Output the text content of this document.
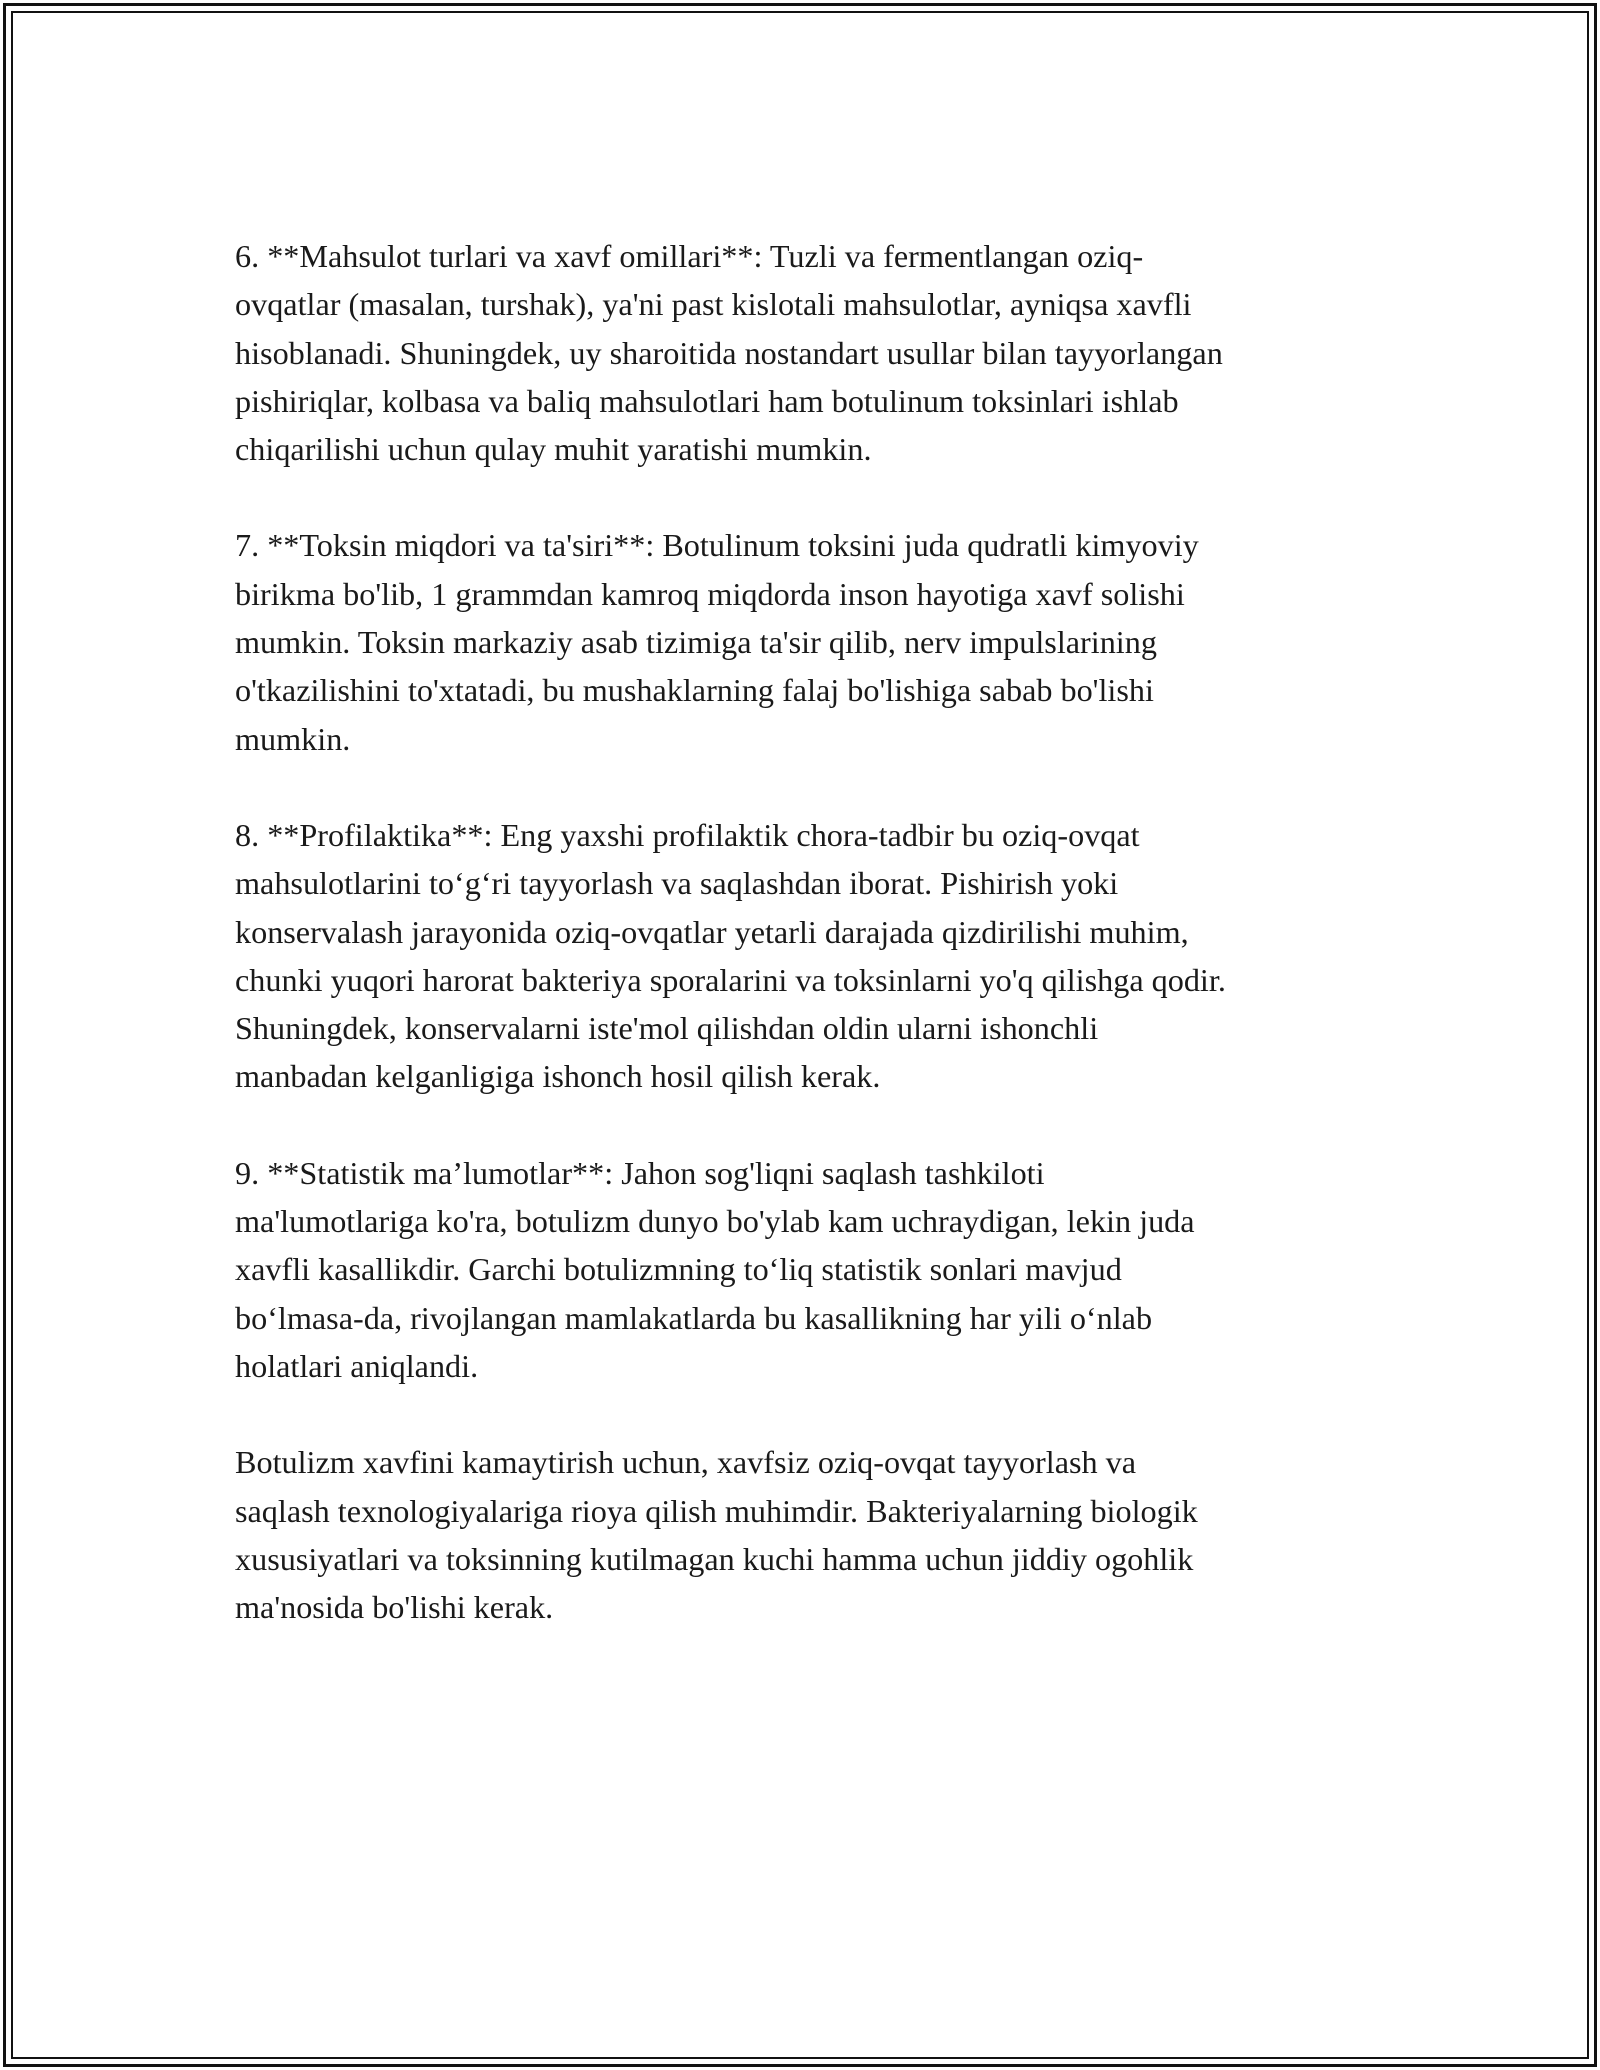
6. **Mahsulot turlari va xavf omillari**: Tuzli va fermentlangan oziq-
ovqatlar (masalan, turshak), ya'ni past kislotali mahsulotlar, ayniqsa xavfli
hisoblanadi. Shuningdek, uy sharoitida nostandart usullar bilan tayyorlangan
pishiriqlar, kolbasa va baliq mahsulotlari ham botulinum toksinlari ishlab
chiqarilishi uchun qulay muhit yaratishi mumkin.

7. **Toksin miqdori va ta'siri**: Botulinum toksini juda qudratli kimyoviy
birikma bo'lib, 1 grammdan kamroq miqdorda inson hayotiga xavf solishi
mumkin. Toksin markaziy asab tizimiga ta'sir qilib, nerv impulslarining
o'tkazilishini to'xtatadi, bu mushaklarning falaj bo'lishiga sabab bo'lishi
mumkin.

8. **Profilaktika**: Eng yaxshi profilaktik chora-tadbir bu oziq-ovqat
mahsulotlarini to‘g‘ri tayyorlash va saqlashdan iborat. Pishirish yoki
konservalash jarayonida oziq-ovqatlar yetarli darajada qizdirilishi muhim,
chunki yuqori harorat bakteriya sporalarini va toksinlarni yo'q qilishga qodir.
Shuningdek, konservalarni iste'mol qilishdan oldin ularni ishonchli
manbadan kelganligiga ishonch hosil qilish kerak.

9. **Statistik ma’lumotlar**: Jahon sog'liqni saqlash tashkiloti
ma'lumotlariga ko'ra, botulizm dunyo bo'ylab kam uchraydigan, lekin juda
xavfli kasallikdir. Garchi botulizmning to‘liq statistik sonlari mavjud
bo‘lmasa-da, rivojlangan mamlakatlarda bu kasallikning har yili o‘nlab
holatlari aniqlandi.

Botulizm xavfini kamaytirish uchun, xavfsiz oziq-ovqat tayyorlash va
saqlash texnologiyalariga rioya qilish muhimdir. Bakteriyalarning biologik
xususiyatlari va toksinning kutilmagan kuchi hamma uchun jiddiy ogohlik
ma'nosida bo'lishi kerak.
